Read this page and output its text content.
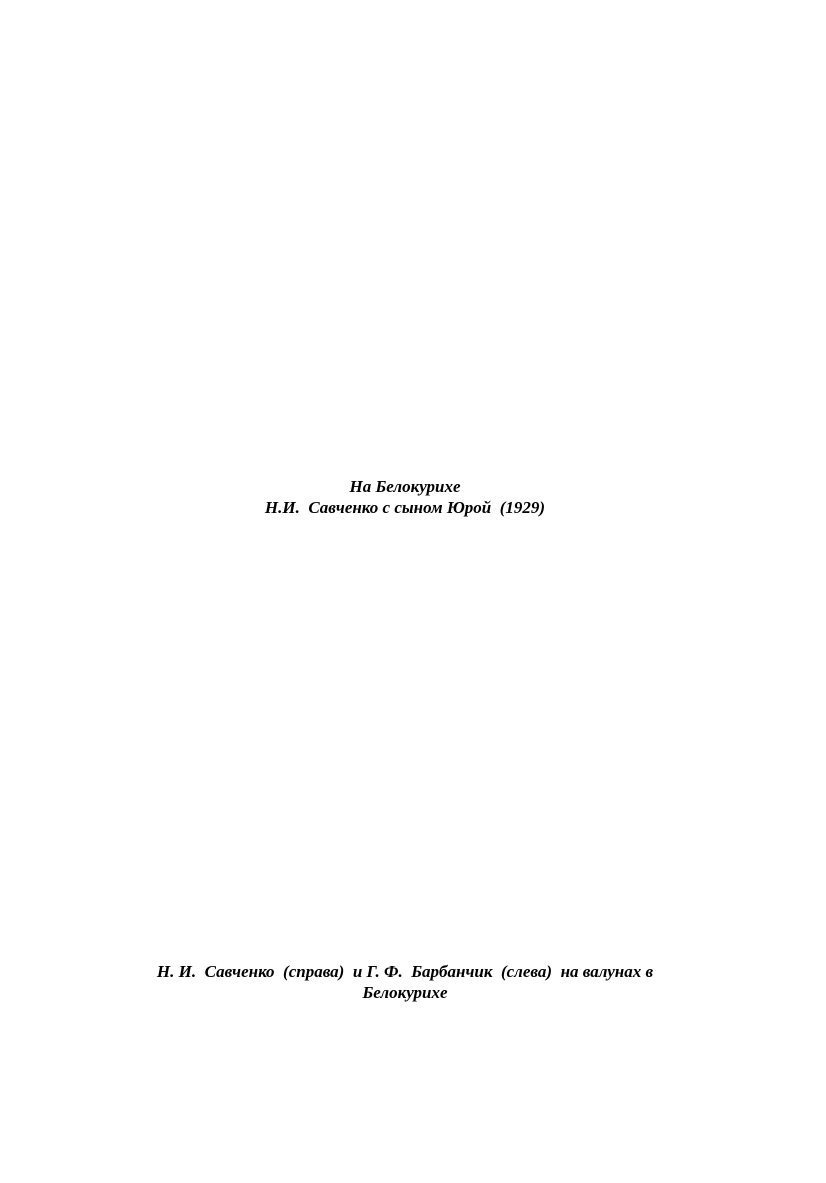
На Белокурихе
Н.И.  Савченко с сыном Юрой  (1929)
Н. И.  Савченко  (справа)  и Г. Ф.  Барбанчик  (слева)  на валунах в
Белокурихе
